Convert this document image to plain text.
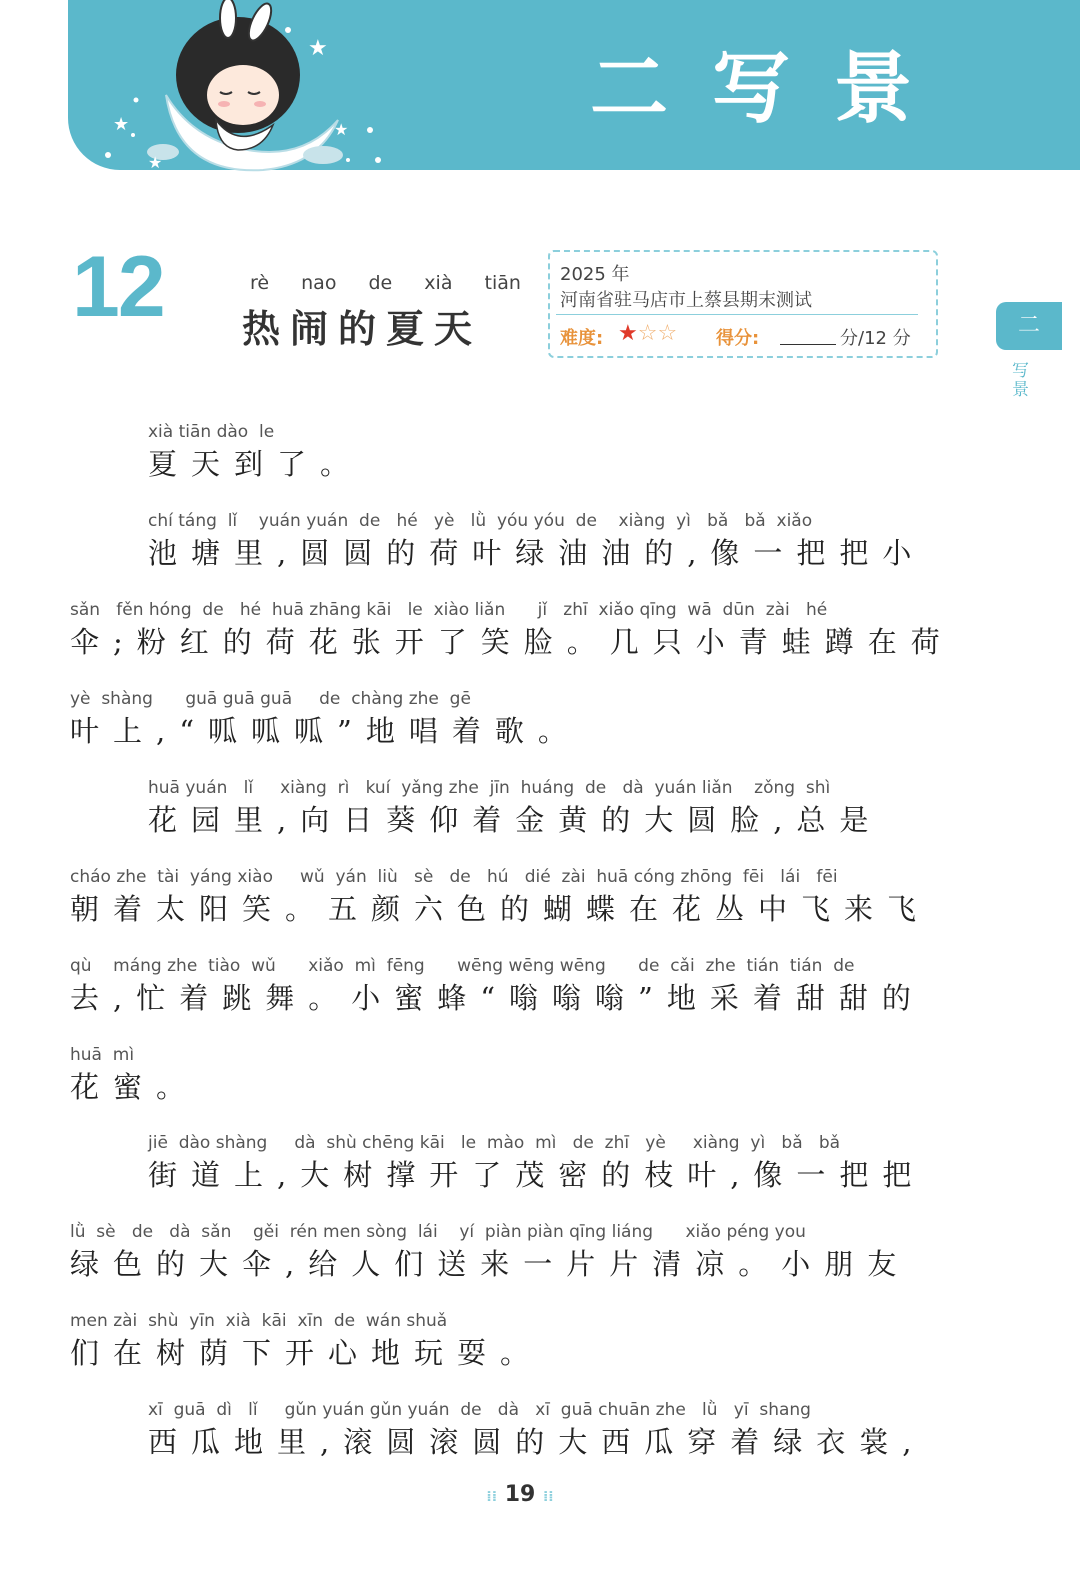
★
★
★
★	二写景
二
写景
12	rè nao de xià tiān
热闹的夏天
2025 年
河南省驻马店市上蔡县期末测试
难度: ★☆☆ 得分:	分/12 分
xià tiān dào  le
夏天到了。
chí táng  lǐ    yuán yuán  de   hé   yè   lǜ  yóu yóu  de    xiàng  yì   bǎ   bǎ  xiǎo
池塘里,圆圆的荷叶绿油油的,像一把把小
sǎn   fěn hóng  de   hé  huā zhāng kāi   le  xiào liǎn      jǐ   zhī  xiǎo qīng  wā  dūn  zài   hé
伞;粉红的荷花张开了笑脸。几只小青蛙蹲在荷
yè  shàng      guā guā guā     de  chàng zhe  gē
叶上,“呱呱呱”地唱着歌。
huā yuán   lǐ     xiàng  rì   kuí  yǎng zhe  jīn  huáng  de   dà  yuán liǎn    zǒng  shì
花园里,向日葵仰着金黄的大圆脸,总是
cháo zhe  tài  yáng xiào     wǔ  yán  liù   sè   de   hú   dié  zài  huā cóng zhōng  fēi   lái   fēi
朝着太阳笑。五颜六色的蝴蝶在花丛中飞来飞
qù    máng zhe  tiào  wǔ      xiǎo  mì  fēng      wēng wēng wēng      de  cǎi  zhe  tián  tián  de
去,忙着跳舞。小蜜蜂“嗡嗡嗡”地采着甜甜的
huā  mì
花蜜。
jiē  dào shàng     dà  shù chēng kāi   le  mào  mì   de  zhī   yè     xiàng  yì   bǎ   bǎ
街道上,大树撑开了茂密的枝叶,像一把把
lǜ  sè   de   dà  sǎn    gěi  rén men sòng  lái    yí  piàn piàn qīng liáng      xiǎo péng you
绿色的大伞,给人们送来一片片清凉。小朋友
men zài  shù  yīn  xià  kāi  xīn  de  wán shuǎ
们在树荫下开心地玩耍。
xī  guā  dì   lǐ     gǔn yuán gǔn yuán  de   dà   xī  guā chuān zhe   lǜ   yī  shang
西瓜地里,滚圆滚圆的大西瓜穿着绿衣裳,
⁞⁞ 19 ⁞⁞
